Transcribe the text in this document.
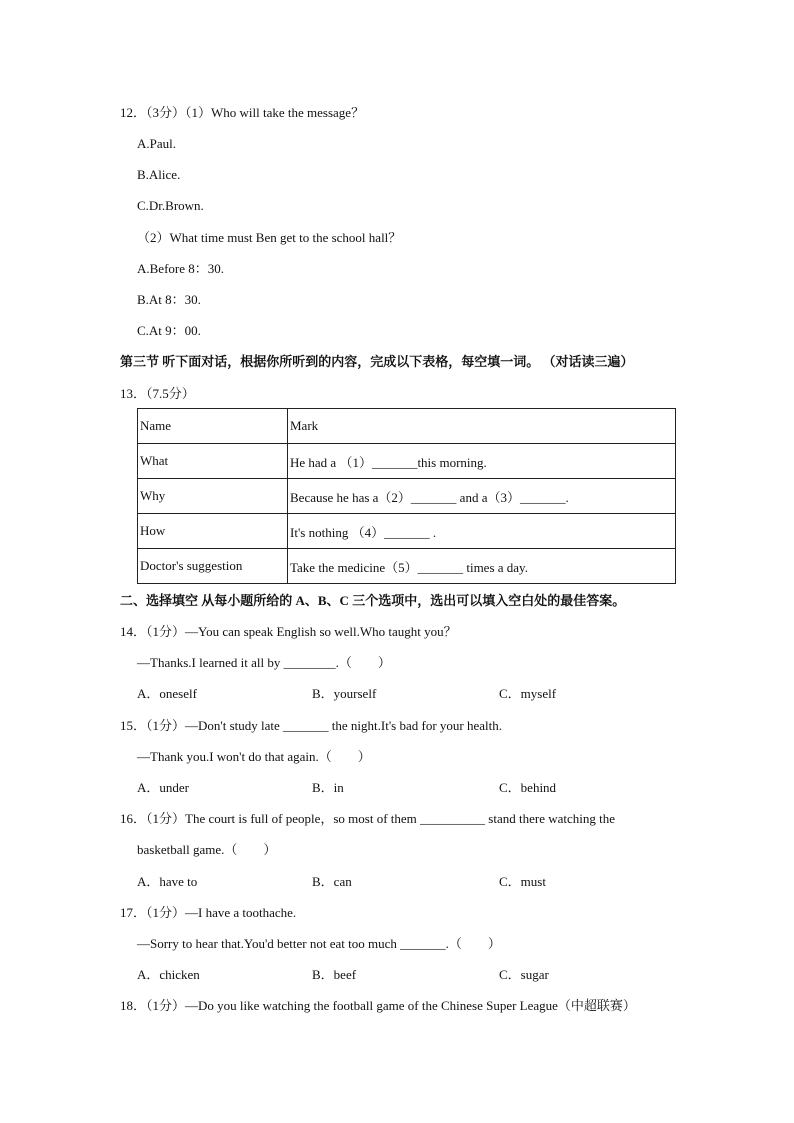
12．（3分）（1）Who will take the message？
A.Paul.
B.Alice.
C.Dr.Brown.
（2）What time must Ben get to the school hall？
A.Before 8：30.
B.At 8：30.
C.At 9：00.
第三节 听下面对话，根据你所听到的内容，完成以下表格，每空填一词。 （对话读三遍）
13．（7.5分）
Name	Mark
What	He had a （1）_______this morning.
Why	Because he has a（2）_______ and a（3）_______.
How	It's nothing （4）_______ .
Doctor's suggestion	Take the medicine（5）_______ times a day.
二、选择填空 从每小题所给的 A、B、C 三个选项中，选出可以填入空白处的最佳答案。
14．（1分）—You can speak English so well.Who taught you？
—Thanks.I learned it all by ________.（　　）
A．oneself	B．yourself	C．myself
15．（1分）—Don't study late _______ the night.It's bad for your health.
—Thank you.I won't do that again.（　　）
A．under	B．in	C．behind
16．（1分）The court is full of people，so most of them __________ stand there watching the
basketball game.（　　）
A．have to	B．can	C．must
17．（1分）—I have a toothache.
—Sorry to hear that.You'd better not eat too much _______.（　　）
A．chicken	B．beef	C．sugar
18．（1分）—Do you like watching the football game of the Chinese Super League（中超联赛）
